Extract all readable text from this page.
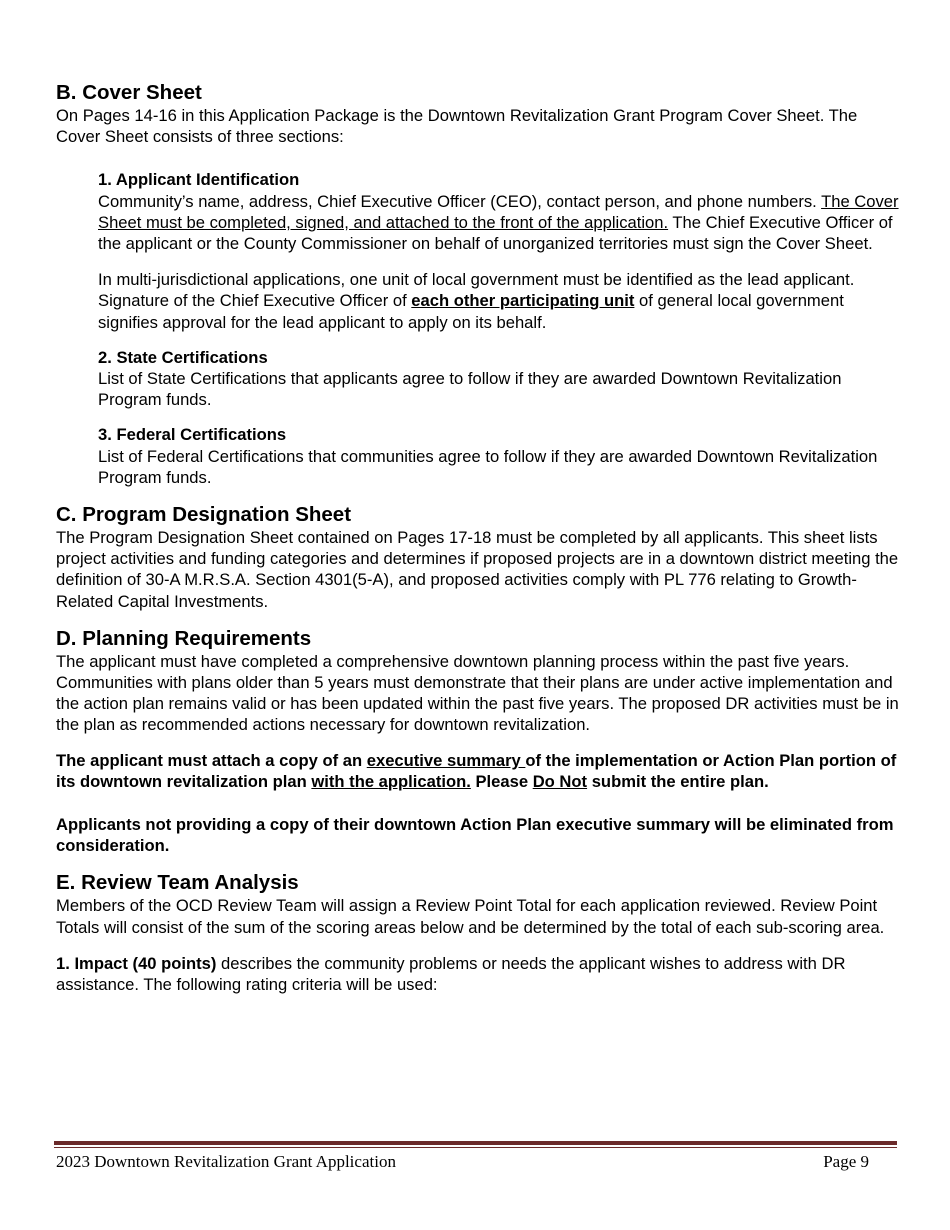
B. Cover Sheet

On Pages 14-16 in this Application Package is the Downtown Revitalization Grant Program Cover Sheet. The Cover Sheet consists of three sections:

1. Applicant Identification

Community’s name, address, Chief Executive Officer (CEO), contact person, and phone numbers. The Cover Sheet must be completed, signed, and attached to the front of the application. The Chief Executive Officer of the applicant or the County Commissioner on behalf of unorganized territories must sign the Cover Sheet.

In multi-jurisdictional applications, one unit of local government must be identified as the lead applicant. Signature of the Chief Executive Officer of each other participating unit of general local government signifies approval for the lead applicant to apply on its behalf.

2. State Certifications

List of State Certifications that applicants agree to follow if they are awarded Downtown Revitalization Program funds.

3. Federal Certifications

List of Federal Certifications that communities agree to follow if they are awarded Downtown Revitalization Program funds.

C. Program Designation Sheet

The Program Designation Sheet contained on Pages 17-18 must be completed by all applicants. This sheet lists project activities and funding categories and determines if proposed projects are in a downtown district meeting the definition of 30-A M.R.S.A. Section 4301(5-A), and proposed activities comply with PL 776 relating to Growth-Related Capital Investments.

D. Planning Requirements

The applicant must have completed a comprehensive downtown planning process within the past five years. Communities with plans older than 5 years must demonstrate that their plans are under active implementation and the action plan remains valid or has been updated within the past five years. The proposed DR activities must be in the plan as recommended actions necessary for downtown revitalization.

The applicant must attach a copy of an executive summary of the implementation or Action Plan portion of its downtown revitalization plan with the application. Please Do Not submit the entire plan.

Applicants not providing a copy of their downtown Action Plan executive summary will be eliminated from consideration.

E. Review Team Analysis

Members of the OCD Review Team will assign a Review Point Total for each application reviewed. Review Point Totals will consist of the sum of the scoring areas below and be determined by the total of each sub-scoring area.

1. Impact (40 points) describes the community problems or needs the applicant wishes to address with DR assistance. The following rating criteria will be used:

2023 Downtown Revitalization Grant Application	Page 9
